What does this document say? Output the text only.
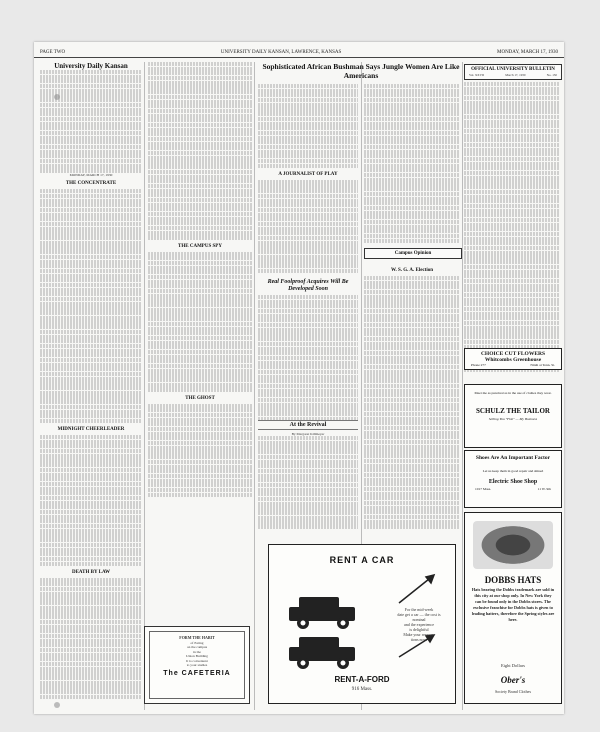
PAGE TWO	UNIVERSITY DAILY KANSAN, LAWRENCE, KANSAS	MONDAY, MARCH 17, 1930
University Daily Kansan
MONDAY, MARCH 17, 1930
THE CONCENTRATE
MIDNIGHT CHEERLEADER
DEATH BY LAW
THE CAMPUS SPY
THE GHOST
FORM THE HABIT
of Eating
on the campus
in the
Union Building
It is convenient
to your studies
The CAFETERIA
Sophisticated African Bushman Says Jungle Women Are Like Americans
A JOURNALIST OF PLAY
Real Foolproof Acquires Will Be Developed Soon
At the Revival
By Margaret Killmeyer
Campus Opinion
W. S. G. A. Election
RENT A CAR
For the mid-week
date get a car — the cost is nominal
and the experience
is delightful
Make your reserva-
tions now.
RENT-A-FORD
916 Mass.
OFFICIAL UNIVERSITY BULLETIN
Vol. XXVII	March 17, 1930	No. 130
CHOICE CUT FLOWERS
Whitcombs Greenhouse
Phone 277	Ninth at Tenn. St.
Meet me as punctual as in the use of clothes they wear.
SCHULZ THE TAILOR
Selling You "Fish" — My Business
Shoes Are An Important Factor
Let us keep them in good repair and shined
Electric Shoe Shop
1017 Mass.	11 W. 9th
DOBBS HATS
Hats bearing the Dobbs trademark are sold in this city at our shop only. In New York they can be found only in the Dobbs stores. The exclusive franchise for Dobbs hats is given to leading hatters, therefore the Spring styles are here.
Eight Dollars
Ober's
Society Brand Clothes
